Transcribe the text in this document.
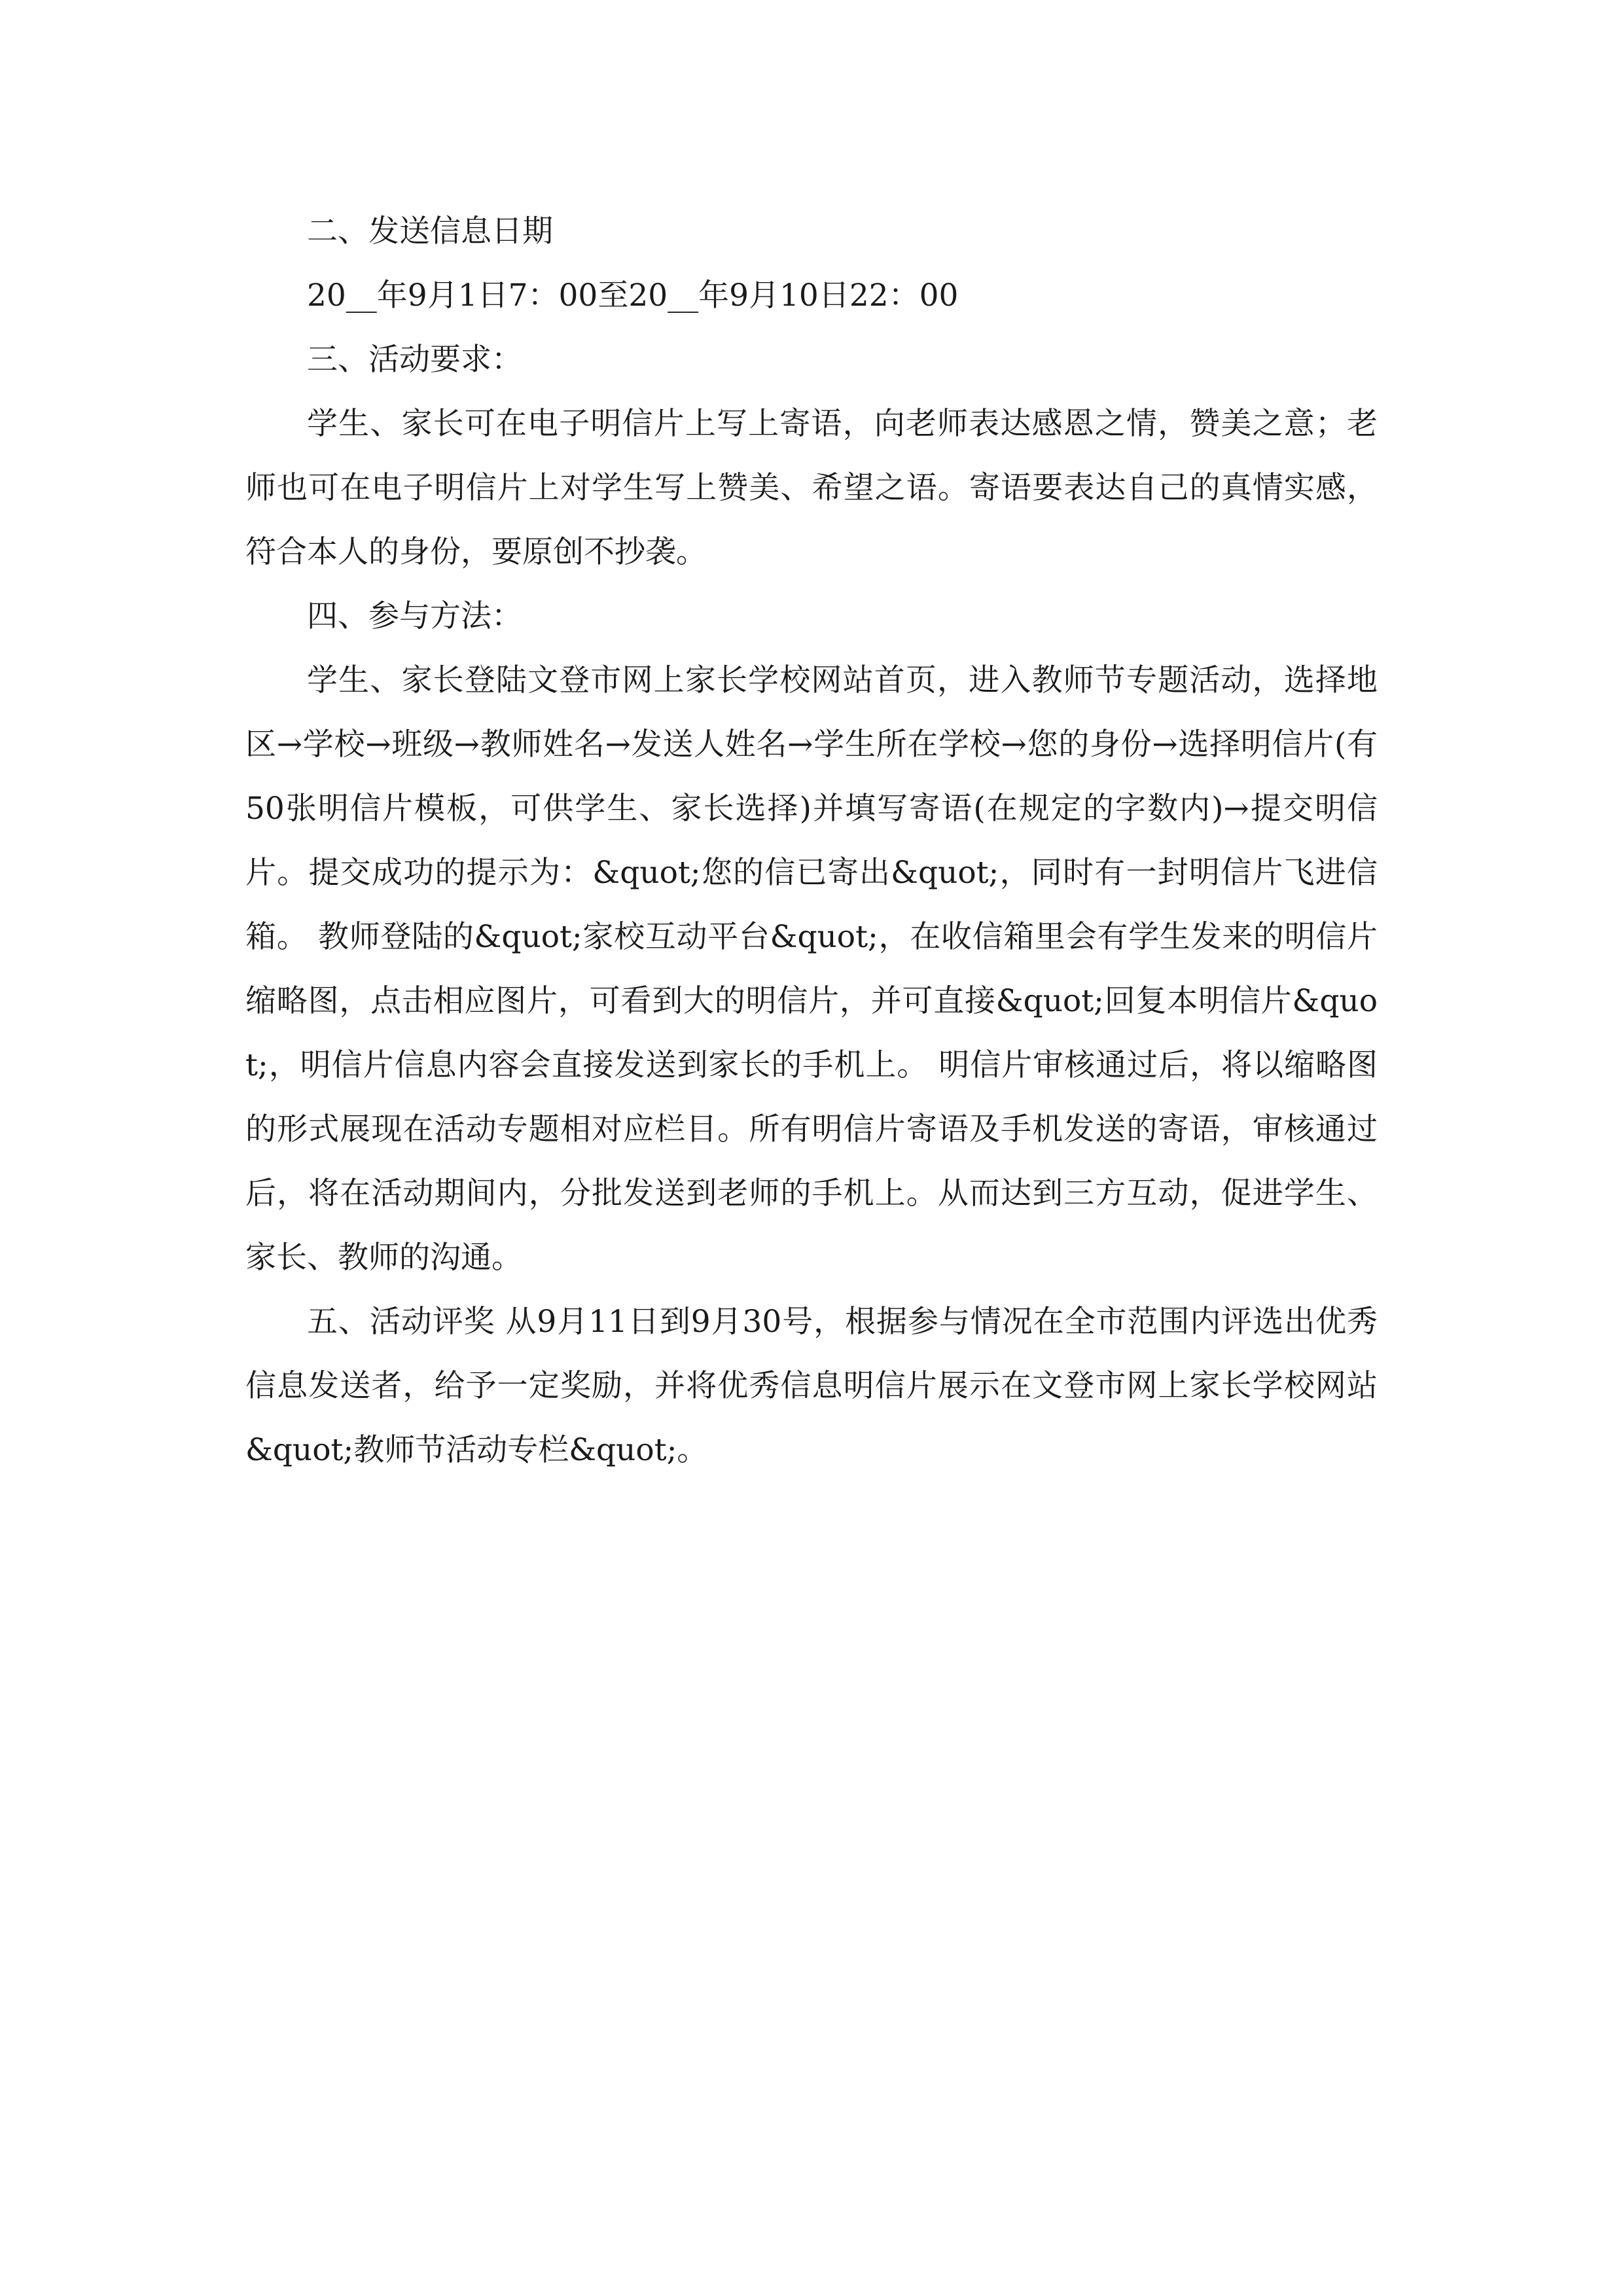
二、发送信息日期

20__年9月1日7：00至20__年9月10日22：00

三、活动要求：

学生、家长可在电子明信片上写上寄语，向老师表达感恩之情，赞美之意；老师也可在电子明信片上对学生写上赞美、希望之语。寄语要表达自己的真情实感，符合本人的身份，要原创不抄袭。

四、参与方法：

学生、家长登陆文登市网上家长学校网站首页，进入教师节专题活动，选择地区→学校→班级→教师姓名→发送人姓名→学生所在学校→您的身份→选择明信片(有50张明信片模板，可供学生、家长选择)并填写寄语(在规定的字数内)→提交明信片。提交成功的提示为：&quot;您的信已寄出&quot;，同时有一封明信片飞进信箱。 教师登陆的&quot;家校互动平台&quot;，在收信箱里会有学生发来的明信片缩略图，点击相应图片，可看到大的明信片，并可直接&quot;回复本明信片&quot;，明信片信息内容会直接发送到家长的手机上。 明信片审核通过后，将以缩略图的形式展现在活动专题相对应栏目。所有明信片寄语及手机发送的寄语，审核通过后，将在活动期间内，分批发送到老师的手机上。从而达到三方互动，促进学生、家长、教师的沟通。

五、活动评奖 从9月11日到9月30号，根据参与情况在全市范围内评选出优秀信息发送者，给予一定奖励，并将优秀信息明信片展示在文登市网上家长学校网站&quot;教师节活动专栏&quot;。
